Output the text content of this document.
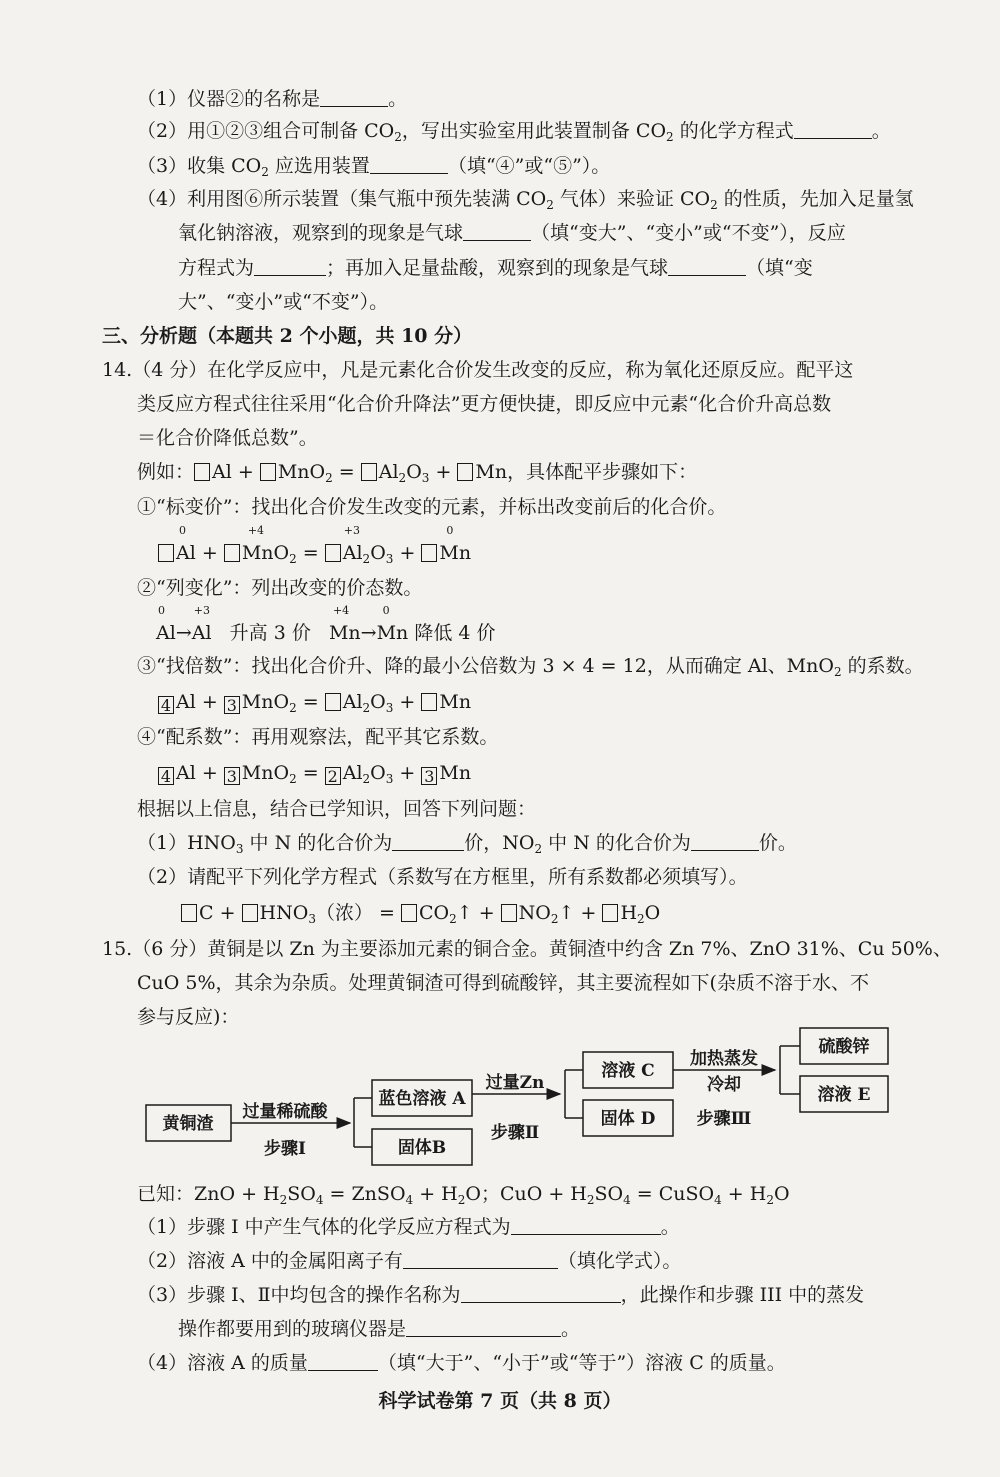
（1）仪器②的名称是	。
（2）用①②③组合可制备 $CO_2$，写出实验室用此装置制备 $CO_2$ 的化学方程式	。
（3）收集 $CO_2$ 应选用装置	（填“④”或“⑤”）。
（4）利用图⑥所示装置（集气瓶中预先装满 $CO_2$ 气体）来验证 $CO_2$ 的性质，先加入足量氢
氧化钠溶液，观察到的现象是气球	（填“变大”、“变小”或“不变”），反应
方程式为	；再加入足量盐酸，观察到的现象是气球	（填“变
大”、“变小”或“不变”）。
三、分析题（本题共 2 个小题，共 10 分）
14.（4 分）在化学反应中，凡是元素化合价发生改变的反应，称为氧化还原反应。配平这
类反应方程式往往采用“化合价升降法”更方便快捷，即反应中元素“化合价升高总数
＝化合价降低总数”。
例如： $Al + MnO_2 = Al_2O_3 + Mn$，具体配平步骤如下：
①“标变价”：找出化合价发生改变的元素，并标出改变前后的化合价。
Al
0
+ MnO
+4
$_2$ = Al
+3
$_2O_3 + Mn$
0
②“列变化”：列出改变的价态数。
Al
0
→Al
+3
升高 3 价 Mn
+4
→Mn
0
降低 4 价
③“找倍数”：找出化合价升、降的最小公倍数为 3 × 4 = 12，从而确定 Al、MnO$_2$ 的系数。
4 Al + 3 $MnO_2 = Al_2O_3 + Mn$
④“配系数”：再用观察法，配平其它系数。
4 Al + 3 MnO$_2$ = 2 $Al_2O_3 + 3$ Mn
根据以上信息，结合已学知识，回答下列问题：
$(1)HNO_3$ 中 N 的化合价为	价，$NO_2$ 中 N 的化合价为	价。
（2）请配平下列化学方程式（系数写在方框里，所有系数都必须填写）。
$C + HNO_3$（浓） = $CO_2↑$ + $NO_2↑ + H_2O$
15.（6 分）黄铜是以 Zn 为主要添加元素的铜合金。黄铜渣中约含 Zn 7%、ZnO 31%、Cu 50%、
CuO 5%，其余为杂质。处理黄铜渣可得到硫酸锌，其主要流程如下(杂质不溶于水、不
参与反应)：
黄铜渣
过量稀硫酸
步骤Ⅰ
蓝色溶液 A
固体B
过量Zn
步骤Ⅱ
溶液 C
固体 D
加热蒸发
冷却
步骤Ⅲ
硫酸锌
溶液 E
已知：ZnO + $H_2SO_4$ = ZnSO$_4$ + $H_2O$；CuO + $H_2SO_4$ = CuSO$_4$ + $H_2O$
（1）步骤 I 中产生气体的化学反应方程式为	。
（2）溶液 A 中的金属阳离子有	（填化学式）。
（3）步骤 I、Ⅱ中均包含的操作名称为	，此操作和步骤 III 中的蒸发
操作都要用到的玻璃仪器是	。
（4）溶液 A 的质量	（填“大于”、“小于”或“等于”）溶液 C 的质量。
科学试卷第 7 页（共 8 页）
